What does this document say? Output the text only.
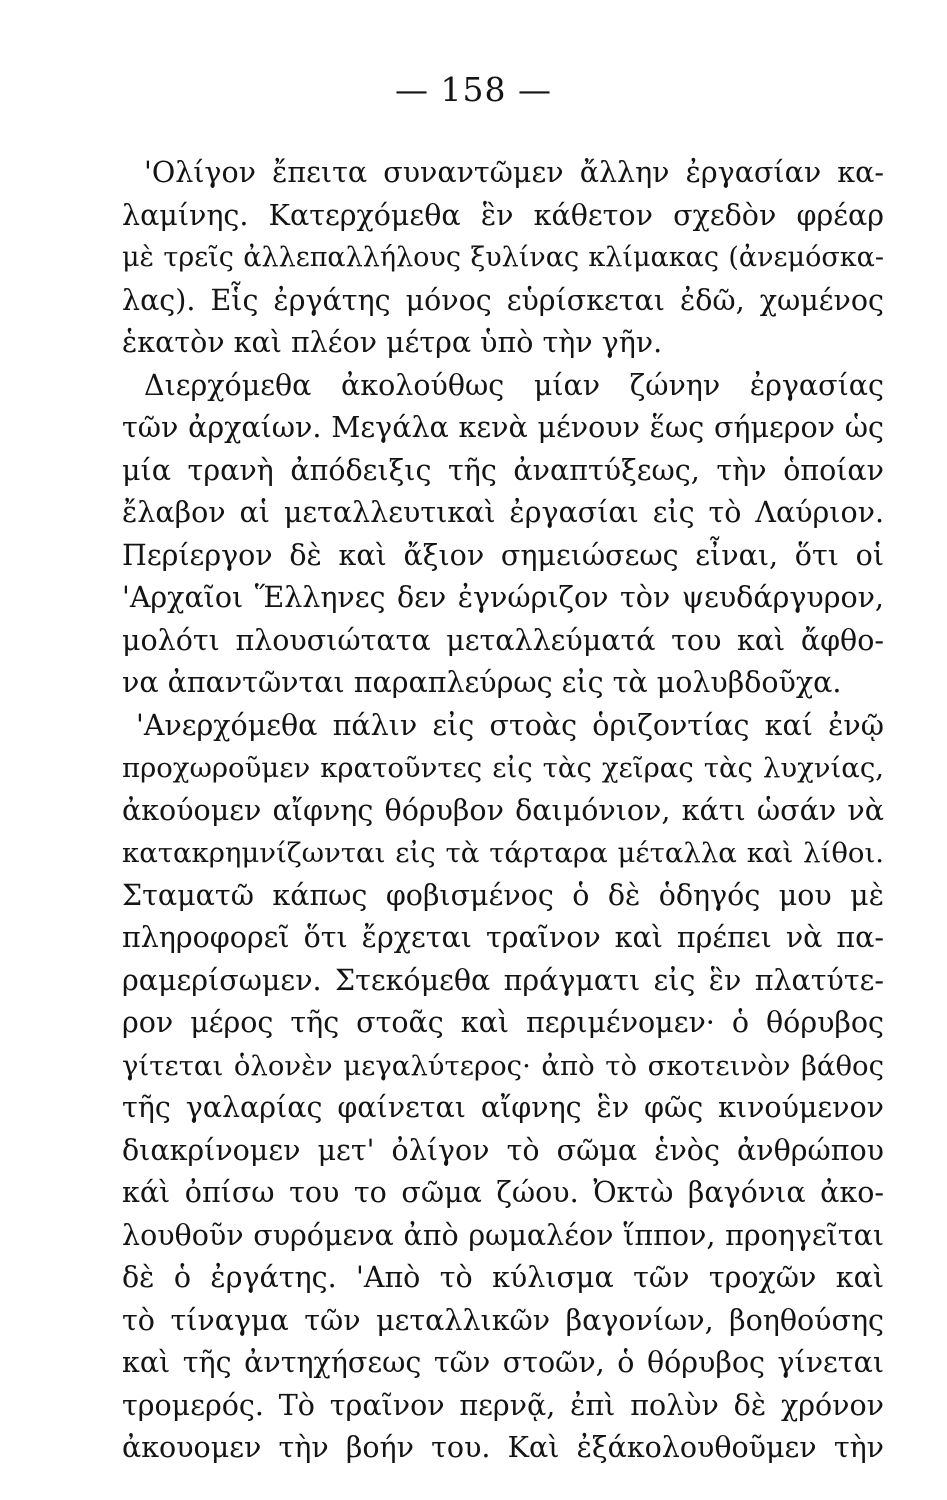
— 158 —
'Ολίγον ἔπειτα συναντῶμεν ἄλλην ἐργασίαν κα-
λαμίνης. Κατερχόμεθα ἓν κάθετον σχεδὸν φρέαρ
μὲ τρεῖς ἀλλεπαλλήλους ξυλίνας κλίμακας (ἀνεμόσκα-
λας). Εἷς ἐργάτης μόνος εὑρίσκεται ἐδῶ, χωμένος
ἑκατὸν καὶ πλέον μέτρα ὑπὸ τὴν γῆν.
Διερχόμεθα ἀκολούθως μίαν ζώνην ἐργασίας
τῶν ἀρχαίων. Μεγάλα κενὰ μένουν ἕως σήμερον ὡς
μία τρανὴ ἀπόδειξις τῆς ἀναπτύξεως, τὴν ὁποίαν
ἔλαβον αἱ μεταλλευτικαὶ ἐργασίαι εἰς τὸ Λαύριον.
Περίεργον δὲ καὶ ἄξιον σημειώσεως εἶναι, ὅτι οἱ
'Αρχαῖοι Ἕλληνες δεν ἐγνώριζον τὸν ψευδάργυρον,
μολότι πλουσιώτατα μεταλλεύματά του καὶ ἄφθο-
να ἀπαντῶνται παραπλεύρως εἰς τὰ μολυβδοῦχα.
'Ανερχόμεθα πάλιν εἰς στοὰς ὁριζοντίας καί ἐνῷ
προχωροῦμεν κρατοῦντες εἰς τὰς χεῖρας τὰς λυχνίας,
ἀκούομεν αἴφνης θόρυβον δαιμόνιον, κάτι ὡσάν νὰ
κατακρημνίζωνται εἰς τὰ τάρταρα μέταλλα καὶ λίθοι.
Σταματῶ κάπως φοβισμένος ὁ δὲ ὁδηγός μου μὲ
πληροφορεῖ ὅτι ἔρχεται τραῖνον καὶ πρέπει νὰ πα-
ραμερίσωμεν. Στεκόμεθα πράγματι εἰς ἓν πλατύτε-
ρον μέρος τῆς στοᾶς καὶ περιμένομεν· ὁ θόρυβος
γίτεται ὁλονὲν μεγαλύτερος· ἀπὸ τὸ σκοτεινὸν βάθος
τῆς γαλαρίας φαίνεται αἴφνης ἓν φῶς κινούμενον
διακρίνομεν μετ' ὀλίγον τὸ σῶμα ἑνὸς ἀνθρώπου
κάὶ ὀπίσω του το σῶμα ζώου. Ὀκτὼ βαγόνια ἀκο-
λουθοῦν συρόμενα ἀπὸ ρωμαλέον ἵππον, προηγεῖται
δὲ ὁ ἐργάτης. 'Απὸ τὸ κύλισμα τῶν τροχῶν καὶ
τὸ τίναγμα τῶν μεταλλικῶν βαγονίων, βοηθούσης
καὶ τῆς ἀντηχήσεως τῶν στοῶν, ὁ θόρυβος γίνεται
τρομερός. Τὸ τραῖνον περνᾷ, ἐπὶ πολὺν δὲ χρόνον
ἀκουομεν τὴν βοήν του. Καὶ ἐξάκολουθοῦμεν τὴν
